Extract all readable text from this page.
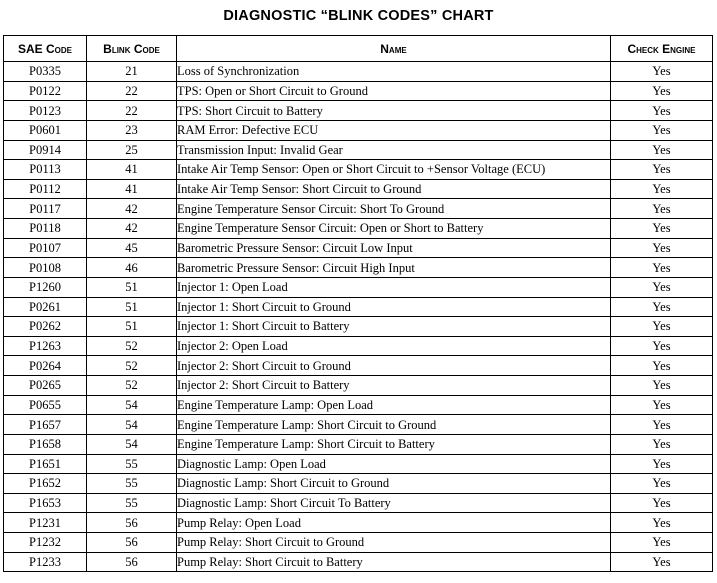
DIAGNOSTIC “BLINK CODES” CHART
SAE Code	Blink Code	Name	Check Engine
P0335	21	Loss of Synchronization	Yes
P0122	22	TPS: Open or Short Circuit to Ground	Yes
P0123	22	TPS: Short Circuit to Battery	Yes
P0601	23	RAM Error: Defective ECU	Yes
P0914	25	Transmission Input: Invalid Gear	Yes
P0113	41	Intake Air Temp Sensor: Open or Short Circuit to +Sensor Voltage (ECU)	Yes
P0112	41	Intake Air Temp Sensor: Short Circuit to Ground	Yes
P0117	42	Engine Temperature Sensor Circuit: Short To Ground	Yes
P0118	42	Engine Temperature Sensor Circuit: Open or Short to Battery	Yes
P0107	45	Barometric Pressure Sensor: Circuit Low Input	Yes
P0108	46	Barometric Pressure Sensor: Circuit High Input	Yes
P1260	51	Injector 1: Open Load	Yes
P0261	51	Injector 1: Short Circuit to Ground	Yes
P0262	51	Injector 1: Short Circuit to Battery	Yes
P1263	52	Injector 2: Open Load	Yes
P0264	52	Injector 2: Short Circuit to Ground	Yes
P0265	52	Injector 2: Short Circuit to Battery	Yes
P0655	54	Engine Temperature Lamp: Open Load	Yes
P1657	54	Engine Temperature Lamp: Short Circuit to Ground	Yes
P1658	54	Engine Temperature Lamp: Short Circuit to Battery	Yes
P1651	55	Diagnostic Lamp: Open Load	Yes
P1652	55	Diagnostic Lamp: Short Circuit to Ground	Yes
P1653	55	Diagnostic Lamp: Short Circuit To Battery	Yes
P1231	56	Pump Relay: Open Load	Yes
P1232	56	Pump Relay: Short Circuit to Ground	Yes
P1233	56	Pump Relay: Short Circuit to Battery	Yes
